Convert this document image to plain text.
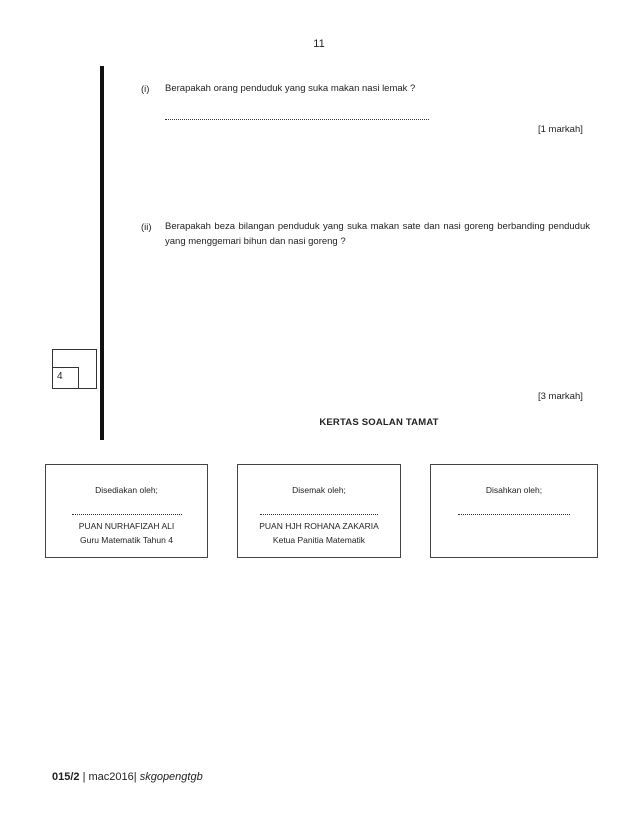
11
(i) Berapakah orang penduduk yang suka makan nasi lemak ?
[1 markah]
(ii) Berapakah beza bilangan penduduk yang suka makan sate dan nasi goreng berbanding penduduk yang menggemari bihun dan nasi goreng ?
4
[3 markah]
KERTAS SOALAN TAMAT
Disediakan oleh;
PUAN NURHAFIZAH ALI
Guru Matematik Tahun 4
Disemak oleh;
PUAN HJH ROHANA ZAKARIA
Ketua Panitia Matematik
Disahkan oleh;
015/2 | mac2016| skgopengtgb
